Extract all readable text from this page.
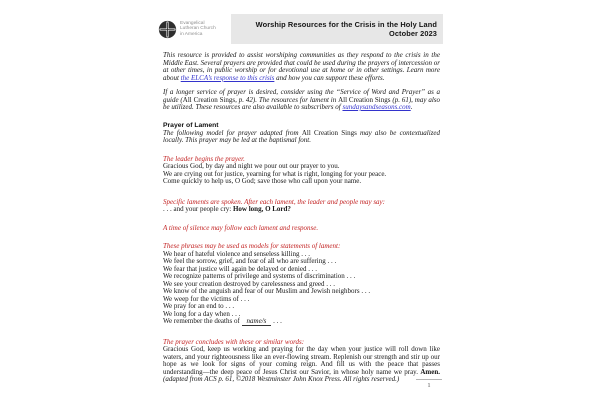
Evangelical
Lutheran Church
in America
Worship Resources for the Crisis in the Holy Land
October 2023

This resource is provided to assist worshiping communities as they respond to the crisis in the Middle East. Several prayers are provided that could be used during the prayers of intercession or at other times, in public worship or for devotional use at home or in other settings. Learn more about the ELCA’s response to this crisis and how you can support these efforts.

If a longer service of prayer is desired, consider using the “Service of Word and Prayer” as a guide (All Creation Sings, p. 42). The resources for lament in All Creation Sings (p. 61), may also be utilized. These resources are also available to subscribers of sundaysandseasons.com.

Prayer of Lament

The following model for prayer adapted from All Creation Sings may also be contextualized locally. This prayer may be led at the baptismal font.

The leader begins the prayer.

Gracious God, by day and night we pour out our prayer to you.
We are crying out for justice, yearning for what is right, longing for your peace.
Come quickly to help us, O God; save those who call upon your name.

Specific laments are spoken. After each lament, the leader and people may say:

. . . and your people cry: How long, O Lord?

A time of silence may follow each lament and response.

These phrases may be used as models for statements of lament:

We hear of hateful violence and senseless killing . . .
We feel the sorrow, grief, and fear of all who are suffering . . .
We fear that justice will again be delayed or denied . . .
We recognize patterns of privilege and systems of discrimination . . .
We see your creation destroyed by carelessness and greed . . .
We know of the anguish and fear of our Muslim and Jewish neighbors . . .
We weep for the victims of . . .
We pray for an end to . . .
We long for a day when . . .
We remember the deaths of name/s . . .

The prayer concludes with these or similar words:

Gracious God, keep us working and praying for the day when your justice will roll down like waters, and your righteousness like an ever-flowing stream. Replenish our strength and stir up our hope as we look for signs of your coming reign. And fill us with the peace that passes understanding—the deep peace of Jesus Christ our Savior, in whose holy name we pray. Amen. (adapted from ACS p. 61, ©2018 Westminster John Knox Press. All rights reserved.)

1
